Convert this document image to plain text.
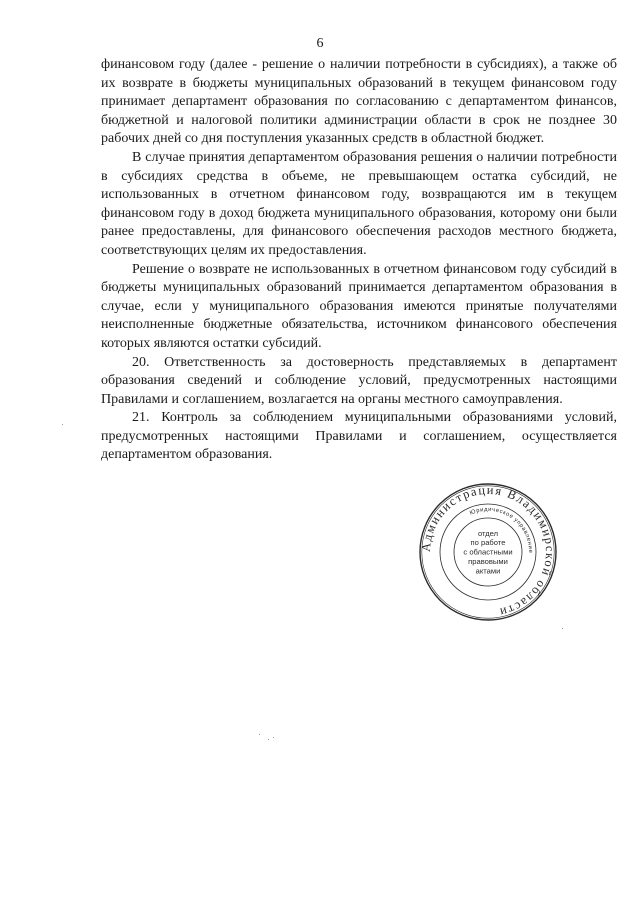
6

финансовом году (далее - решение о наличии потребности в субсидиях), а также об их возврате в бюджеты муниципальных образований в текущем финансовом году принимает департамент образования по согласованию с департаментом финансов, бюджетной и налоговой политики администрации области в срок не позднее 30 рабочих дней со дня поступления указанных средств в областной бюджет.

В случае принятия департаментом образования решения о наличии потребности в субсидиях средства в объеме, не превышающем остатка субсидий, не использованных в отчетном финансовом году, возвращаются им в текущем финансовом году в доход бюджета муниципального образования, которому они были ранее предоставлены, для финансового обеспечения расходов местного бюджета, соответствующих целям их предоставления.

Решение о возврате не использованных в отчетном финансовом году субсидий в бюджеты муниципальных образований принимается департаментом образования в случае, если у муниципального образования имеются принятые получателями неисполненные бюджетные обязательства, источником финансового обеспечения которых являются остатки субсидий.

20. Ответственность за достоверность представляемых в департамент образования сведений и соблюдение условий, предусмотренных настоящими Правилами и соглашением, возлагается на органы местного самоуправления.

21. Контроль за соблюдением муниципальными образованиями условий, предусмотренных настоящими Правилами и соглашением, осуществляется департаментом образования.

Администрация Владимирской области
Юридическое управление
отдел
по работе
с областными
правовыми
актами
